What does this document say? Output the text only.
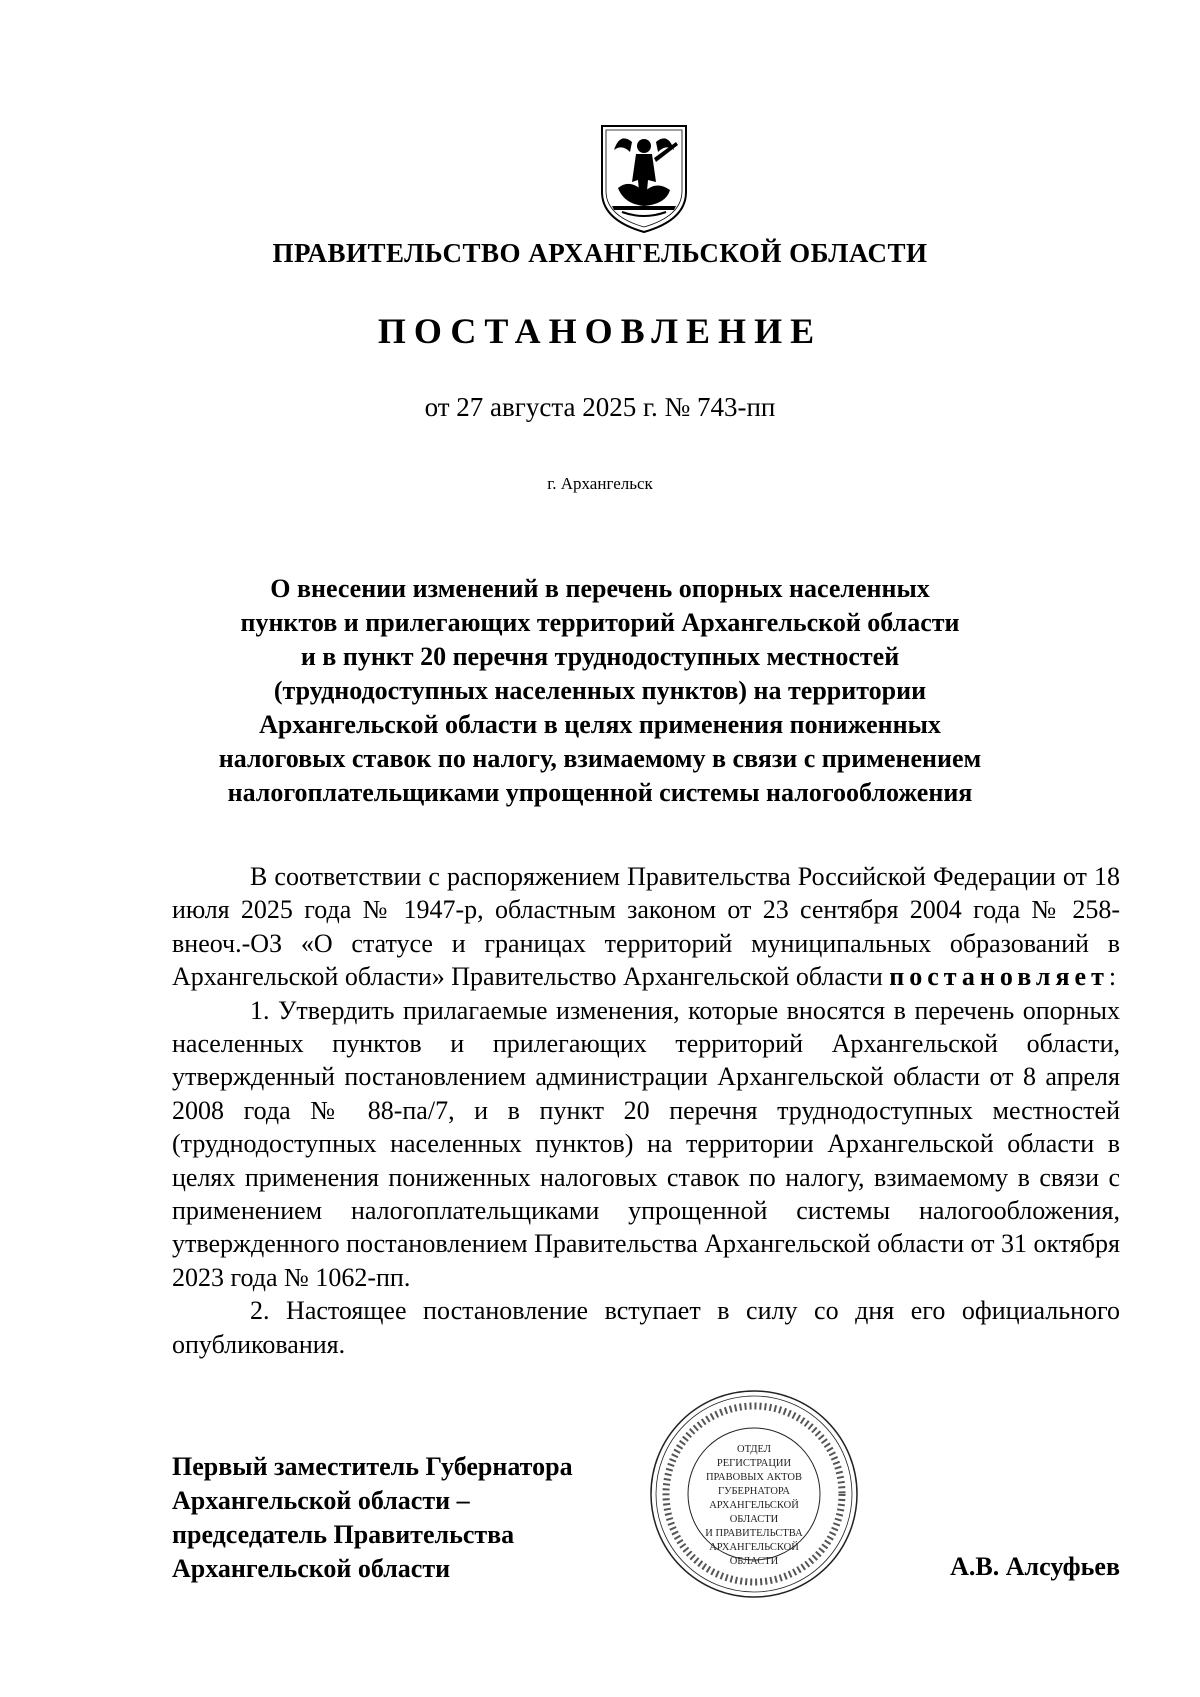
ПРАВИТЕЛЬСТВО АРХАНГЕЛЬСКОЙ ОБЛАСТИ
ПОСТАНОВЛЕНИЕ
от 27 августа 2025 г. № 743-пп
г. Архангельск
О внесении изменений в перечень опорных населенных
пунктов и прилегающих территорий Архангельской области
и в пункт 20 перечня труднодоступных местностей
(труднодоступных населенных пунктов) на территории
Архангельской области в целях применения пониженных
налоговых ставок по налогу, взимаемому в связи с применением
налогоплательщиками упрощенной системы налогообложения

В соответствии с распоряжением Правительства Российской Федерации от 18 июля 2025 года № 1947-р, областным законом от 23 сентября 2004 года № 258-внеоч.-ОЗ «О статусе и границах территорий муниципальных образований в Архангельской области» Правительство Архангельской области постановляет:

1. Утвердить прилагаемые изменения, которые вносятся в перечень опорных населенных пунктов и прилегающих территорий Архангельской области, утвержденный постановлением администрации Архангельской области от 8 апреля 2008 года № 88-па/7, и в пункт 20 перечня труднодоступных местностей (труднодоступных населенных пунктов) на территории Архангельской области в целях применения пониженных налоговых ставок по налогу, взимаемому в связи с применением налогоплательщиками упрощенной системы налогообложения, утвержденного постановлением Правительства Архангельской области от 31 октября 2023 года № 1062-пп.

2. Настоящее постановление вступает в силу со дня его официального опубликования.

Первый заместитель Губернатора
Архангельской области –
председатель Правительства
Архангельской области
ОТДЕЛ
РЕГИСТРАЦИИ
ПРАВОВЫХ АКТОВ
ГУБЕРНАТОРА
АРХАНГЕЛЬСКОЙ
ОБЛАСТИ
И ПРАВИТЕЛЬСТВА
АРХАНГЕЛЬСКОЙ
ОБЛАСТИ	А.В. Алсуфьев
